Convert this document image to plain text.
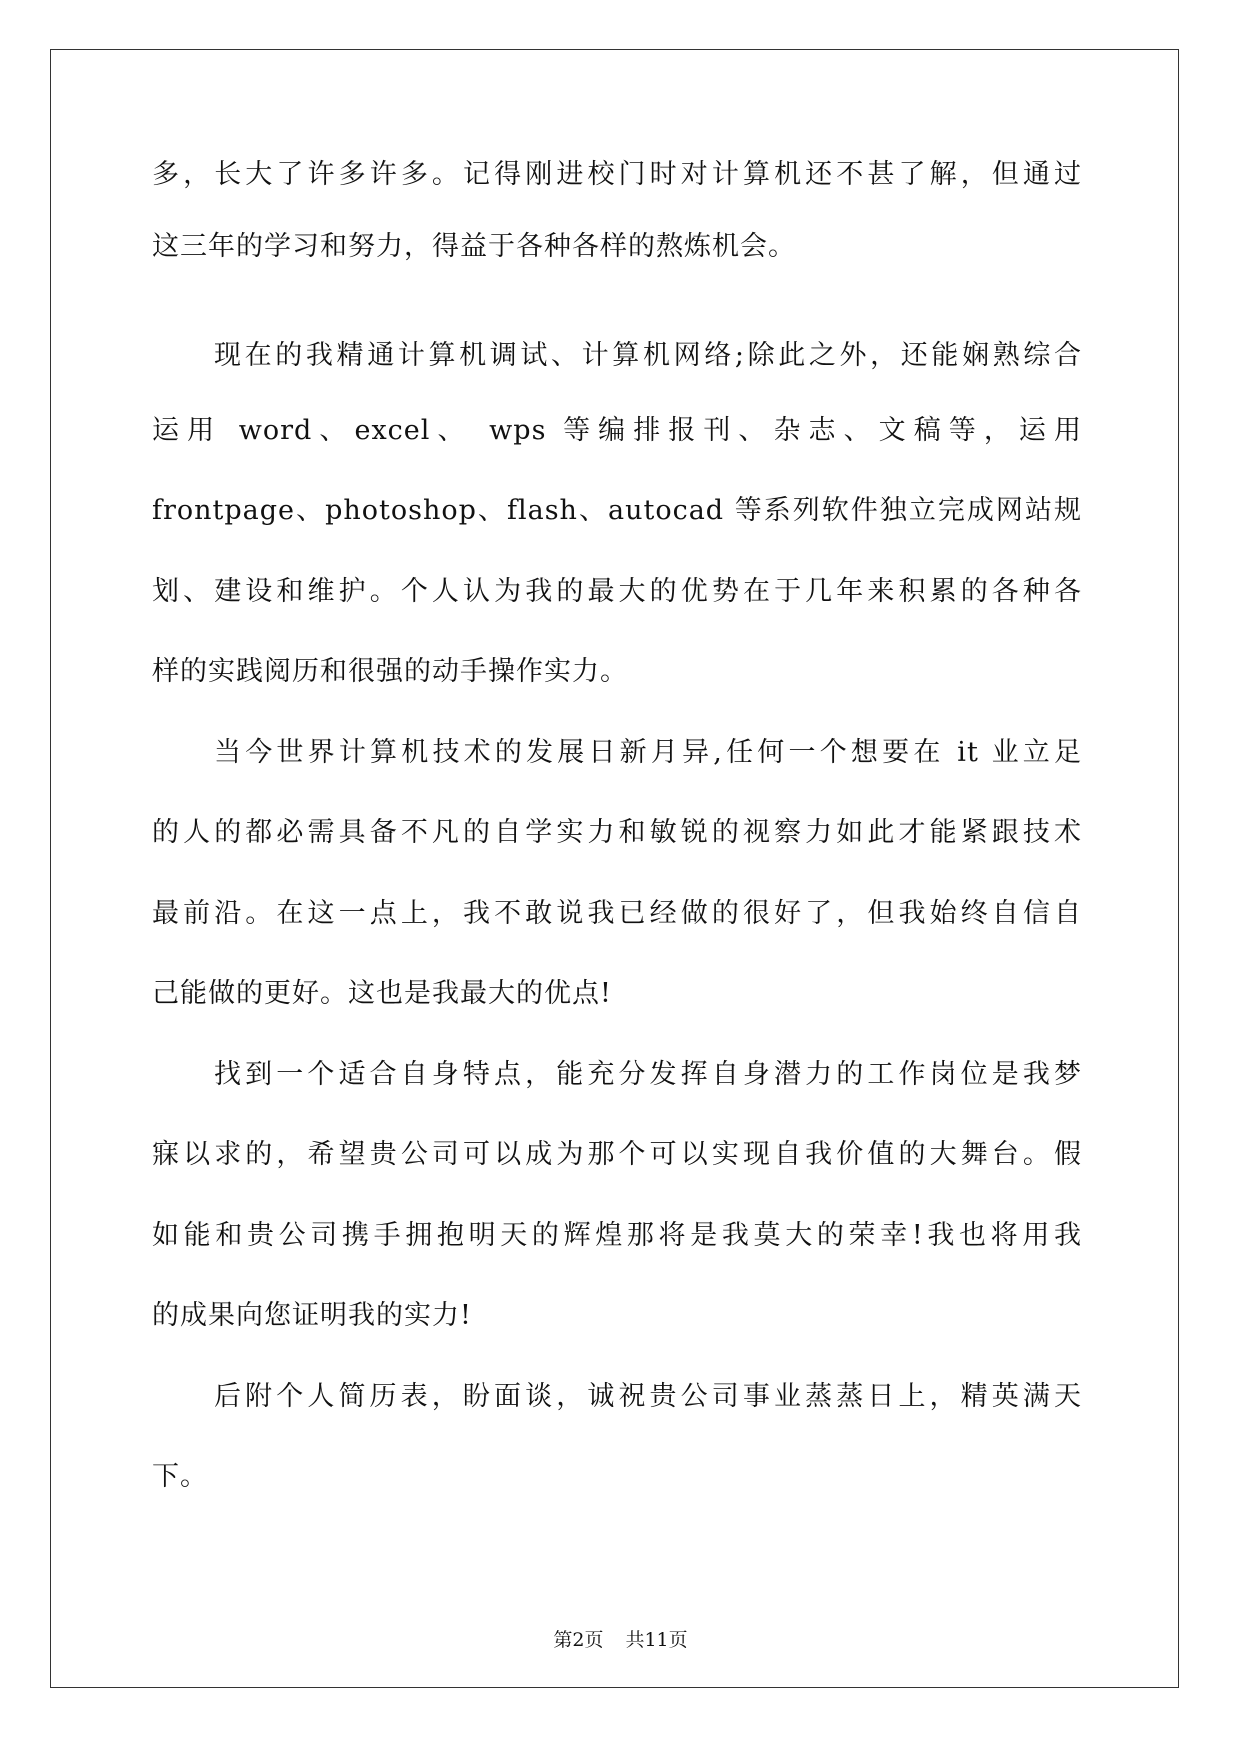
多，长大了许多许多。记得刚进校门时对计算机还不甚了解，但通过
这三年的学习和努力，得益于各种各样的熬炼机会。
现在的我精通计算机调试、计算机网络;除此之外，还能娴熟综合
运用 word、excel、 wps 等编排报刊、杂志、文稿等，运用
frontpage、photoshop、flash、autocad 等系列软件独立完成网站规
划、建设和维护。个人认为我的最大的优势在于几年来积累的各种各
样的实践阅历和很强的动手操作实力。
当今世界计算机技术的发展日新月异,任何一个想要在 it 业立足
的人的都必需具备不凡的自学实力和敏锐的视察力如此才能紧跟技术
最前沿。在这一点上，我不敢说我已经做的很好了，但我始终自信自
己能做的更好。这也是我最大的优点!
找到一个适合自身特点，能充分发挥自身潜力的工作岗位是我梦
寐以求的，希望贵公司可以成为那个可以实现自我价值的大舞台。假
如能和贵公司携手拥抱明天的辉煌那将是我莫大的荣幸!我也将用我
的成果向您证明我的实力!
后附个人简历表，盼面谈，诚祝贵公司事业蒸蒸日上，精英满天
下。
第2页 共11页
